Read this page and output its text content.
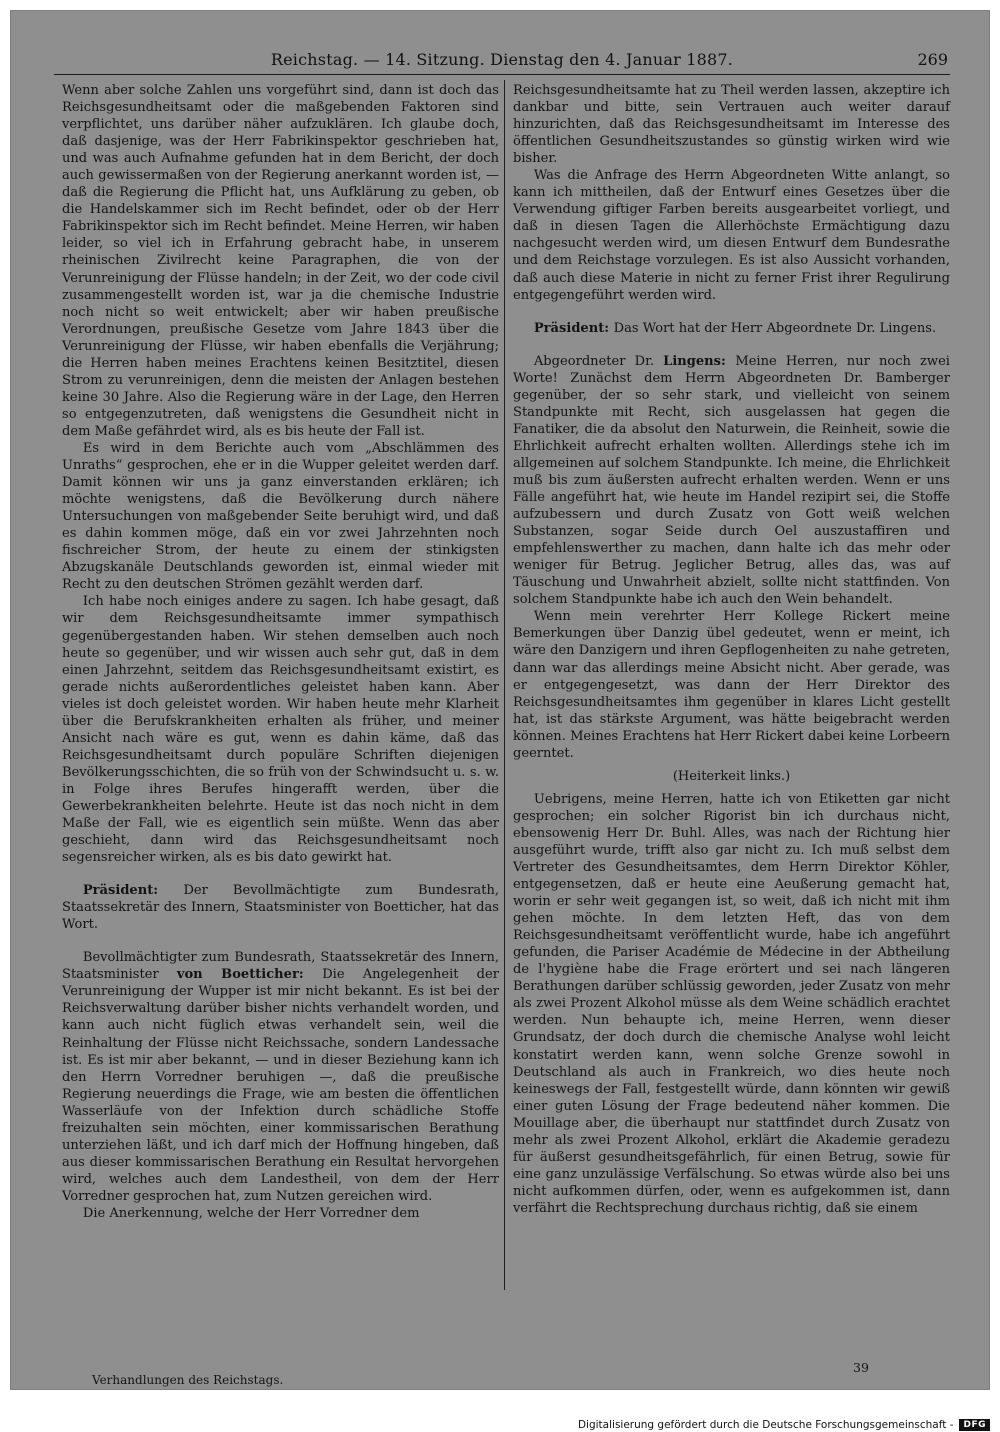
Reichstag. — 14. Sitzung. Dienstag den 4. Januar 1887.	269

Wenn aber solche Zahlen uns vorgeführt sind, dann ist doch das Reichsgesundheitsamt oder die maßgebenden Faktoren sind verpflichtet, uns darüber näher aufzuklären. Ich glaube doch, daß dasjenige, was der Herr Fabrikinspektor geschrieben hat, und was auch Aufnahme gefunden hat in dem Bericht, der doch auch gewissermaßen von der Regierung anerkannt worden ist, — daß die Regierung die Pflicht hat, uns Aufklärung zu geben, ob die Handelskammer sich im Recht befindet, oder ob der Herr Fabrikinspektor sich im Recht befindet. Meine Herren, wir haben leider, so viel ich in Erfahrung gebracht habe, in unserem rheinischen Zivilrecht keine Paragraphen, die von der Verunreinigung der Flüsse handeln; in der Zeit, wo der code civil zusammengestellt worden ist, war ja die chemische Industrie noch nicht so weit entwickelt; aber wir haben preußische Verordnungen, preußische Gesetze vom Jahre 1843 über die Verunreinigung der Flüsse, wir haben ebenfalls die Verjährung; die Herren haben meines Erachtens keinen Besitztitel, diesen Strom zu verunreinigen, denn die meisten der Anlagen bestehen keine 30 Jahre. Also die Regierung wäre in der Lage, den Herren so entgegenzutreten, daß wenigstens die Gesundheit nicht in dem Maße gefährdet wird, als es bis heute der Fall ist.

Es wird in dem Berichte auch vom „Abschlämmen des Unraths“ gesprochen, ehe er in die Wupper geleitet werden darf. Damit können wir uns ja ganz einverstanden erklären; ich möchte wenigstens, daß die Bevölkerung durch nähere Untersuchungen von maßgebender Seite beruhigt wird, und daß es dahin kommen möge, daß ein vor zwei Jahrzehnten noch fischreicher Strom, der heute zu einem der stinkigsten Abzugskanäle Deutschlands geworden ist, einmal wieder mit Recht zu den deutschen Strömen gezählt werden darf.

Ich habe noch einiges andere zu sagen. Ich habe gesagt, daß wir dem Reichsgesundheitsamte immer sympathisch gegenübergestanden haben. Wir stehen demselben auch noch heute so gegenüber, und wir wissen auch sehr gut, daß in dem einen Jahrzehnt, seitdem das Reichsgesundheitsamt existirt, es gerade nichts außerordentliches geleistet haben kann. Aber vieles ist doch geleistet worden. Wir haben heute mehr Klarheit über die Berufskrankheiten erhalten als früher, und meiner Ansicht nach wäre es gut, wenn es dahin käme, daß das Reichsgesundheitsamt durch populäre Schriften diejenigen Bevölkerungsschichten, die so früh von der Schwindsucht u. s. w. in Folge ihres Berufes hingerafft werden, über die Gewerbekrankheiten belehrte. Heute ist das noch nicht in dem Maße der Fall, wie es eigentlich sein müßte. Wenn das aber geschieht, dann wird das Reichsgesundheitsamt noch segensreicher wirken, als es bis dato gewirkt hat.

Präsident: Der Bevollmächtigte zum Bundesrath, Staatssekretär des Innern, Staatsminister von Boetticher, hat das Wort.

Bevollmächtigter zum Bundesrath, Staatssekretär des Innern, Staatsminister von Boetticher: Die Angelegenheit der Verunreinigung der Wupper ist mir nicht bekannt. Es ist bei der Reichsverwaltung darüber bisher nichts verhandelt worden, und kann auch nicht füglich etwas verhandelt sein, weil die Reinhaltung der Flüsse nicht Reichssache, sondern Landessache ist. Es ist mir aber bekannt, — und in dieser Beziehung kann ich den Herrn Vorredner beruhigen —, daß die preußische Regierung neuerdings die Frage, wie am besten die öffentlichen Wasserläufe von der Infektion durch schädliche Stoffe freizuhalten sein möchten, einer kommissarischen Berathung unterziehen läßt, und ich darf mich der Hoffnung hingeben, daß aus dieser kommissarischen Berathung ein Resultat hervorgehen wird, welches auch dem Landestheil, von dem der Herr Vorredner gesprochen hat, zum Nutzen gereichen wird.

Die Anerkennung, welche der Herr Vorredner dem

Reichsgesundheitsamte hat zu Theil werden lassen, akzeptire ich dankbar und bitte, sein Vertrauen auch weiter darauf hinzurichten, daß das Reichsgesundheitsamt im Interesse des öffentlichen Gesundheitszustandes so günstig wirken wird wie bisher.

Was die Anfrage des Herrn Abgeordneten Witte anlangt, so kann ich mittheilen, daß der Entwurf eines Gesetzes über die Verwendung giftiger Farben bereits ausgearbeitet vorliegt, und daß in diesen Tagen die Allerhöchste Ermächtigung dazu nachgesucht werden wird, um diesen Entwurf dem Bundesrathe und dem Reichstage vorzulegen. Es ist also Aussicht vorhanden, daß auch diese Materie in nicht zu ferner Frist ihrer Regulirung entgegengeführt werden wird.

Präsident: Das Wort hat der Herr Abgeordnete Dr. Lingens.

Abgeordneter Dr. Lingens: Meine Herren, nur noch zwei Worte! Zunächst dem Herrn Abgeordneten Dr. Bamberger gegenüber, der so sehr stark, und vielleicht von seinem Standpunkte mit Recht, sich ausgelassen hat gegen die Fanatiker, die da absolut den Naturwein, die Reinheit, sowie die Ehrlichkeit aufrecht erhalten wollten. Allerdings stehe ich im allgemeinen auf solchem Standpunkte. Ich meine, die Ehrlichkeit muß bis zum äußersten aufrecht erhalten werden. Wenn er uns Fälle angeführt hat, wie heute im Handel rezipirt sei, die Stoffe aufzubessern und durch Zusatz von Gott weiß welchen Substanzen, sogar Seide durch Oel auszustaffiren und empfehlenswerther zu machen, dann halte ich das mehr oder weniger für Betrug. Jeglicher Betrug, alles das, was auf Täuschung und Unwahrheit abzielt, sollte nicht stattfinden. Von solchem Standpunkte habe ich auch den Wein behandelt.

Wenn mein verehrter Herr Kollege Rickert meine Bemerkungen über Danzig übel gedeutet, wenn er meint, ich wäre den Danzigern und ihren Gepflogenheiten zu nahe getreten, dann war das allerdings meine Absicht nicht. Aber gerade, was er entgegengesetzt, was dann der Herr Direktor des Reichsgesundheitsamtes ihm gegenüber in klares Licht gestellt hat, ist das stärkste Argument, was hätte beigebracht werden können. Meines Erachtens hat Herr Rickert dabei keine Lorbeern geerntet.

(Heiterkeit links.)

Uebrigens, meine Herren, hatte ich von Etiketten gar nicht gesprochen; ein solcher Rigorist bin ich durchaus nicht, ebensowenig Herr Dr. Buhl. Alles, was nach der Richtung hier ausgeführt wurde, trifft also gar nicht zu. Ich muß selbst dem Vertreter des Gesundheitsamtes, dem Herrn Direktor Köhler, entgegensetzen, daß er heute eine Aeußerung gemacht hat, worin er sehr weit gegangen ist, so weit, daß ich nicht mit ihm gehen möchte. In dem letzten Heft, das von dem Reichsgesundheitsamt veröffentlicht wurde, habe ich angeführt gefunden, die Pariser Académie de Médecine in der Abtheilung de l'hygiène habe die Frage erörtert und sei nach längeren Berathungen darüber schlüssig geworden, jeder Zusatz von mehr als zwei Prozent Alkohol müsse als dem Weine schädlich erachtet werden. Nun behaupte ich, meine Herren, wenn dieser Grundsatz, der doch durch die chemische Analyse wohl leicht konstatirt werden kann, wenn solche Grenze sowohl in Deutschland als auch in Frankreich, wo dies heute noch keineswegs der Fall, festgestellt würde, dann könnten wir gewiß einer guten Lösung der Frage bedeutend näher kommen. Die Mouillage aber, die überhaupt nur stattfindet durch Zusatz von mehr als zwei Prozent Alkohol, erklärt die Akademie geradezu für äußerst gesundheitsgefährlich, für einen Betrug, sowie für eine ganz unzulässige Verfälschung. So etwas würde also bei uns nicht aufkommen dürfen, oder, wenn es aufgekommen ist, dann verfährt die Rechtsprechung durchaus richtig, daß sie einem

Verhandlungen des Reichstags.
39
Digitalisierung gefördert durch die Deutsche Forschungsgemeinschaft -	DFG
